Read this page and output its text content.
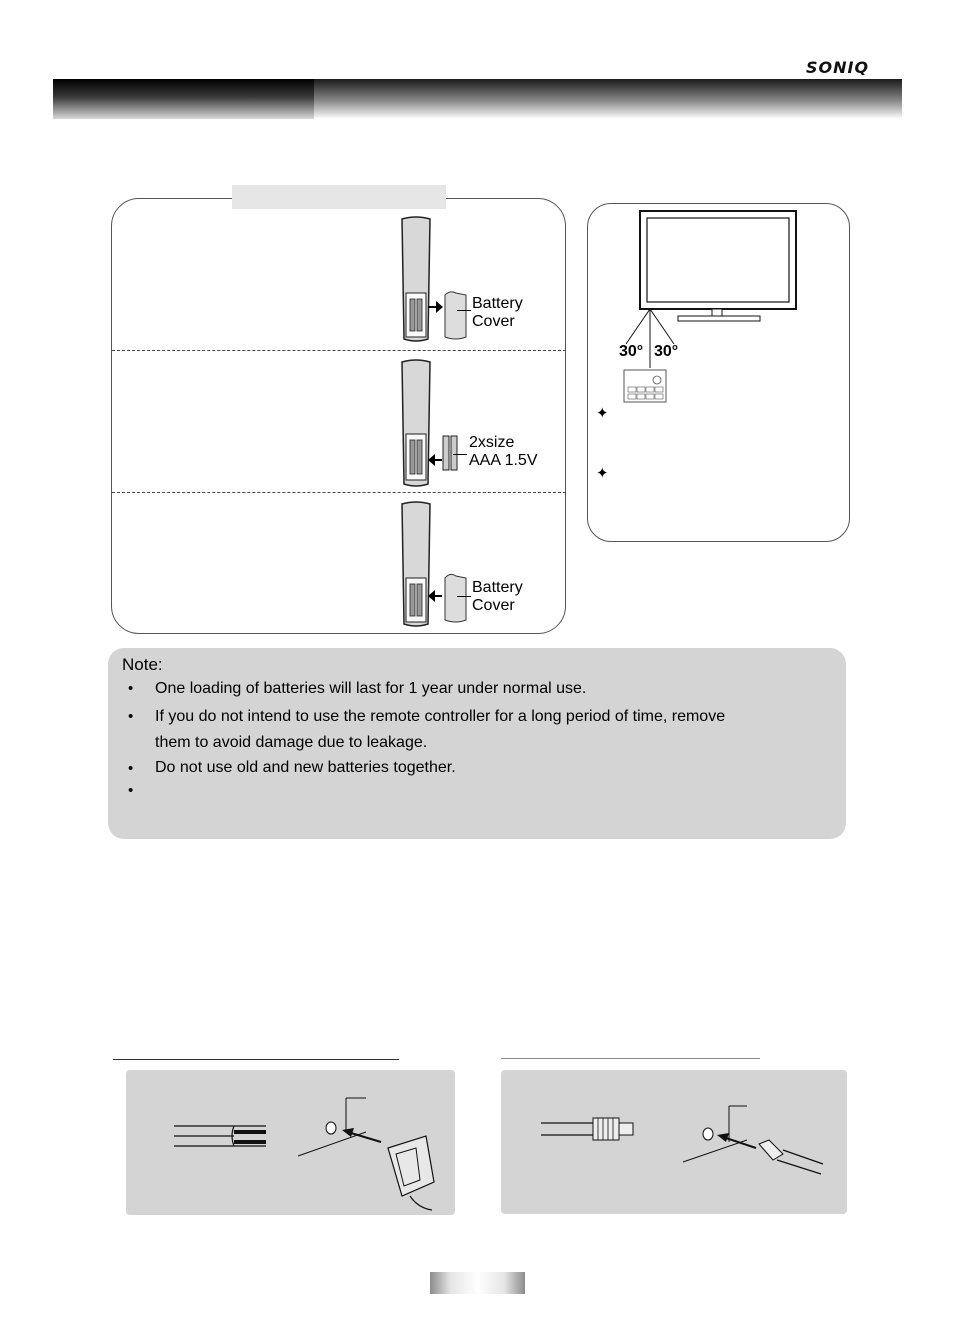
SONIQ
Battery
Cover
2xsize
AAA 1.5V
Battery
Cover
30° 30°
✦
✦
Note:
• One loading of batteries will last for 1 year under normal use.
• If you do not intend to use the remote controller for a long period of time, remove
them to avoid damage due to leakage.
• Do not use old and new batteries together.
•
